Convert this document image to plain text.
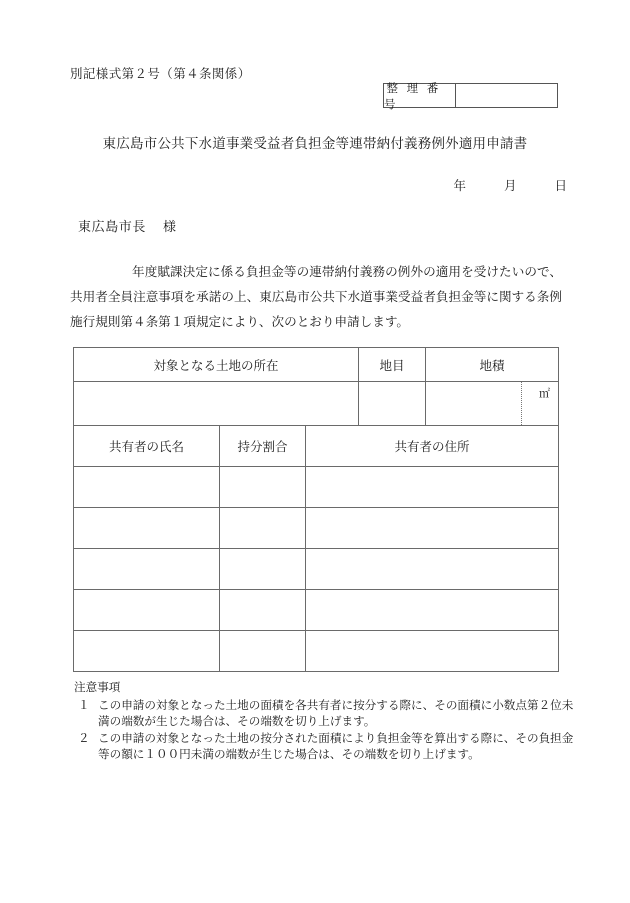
別記様式第２号（第４条関係）
整 理 番 号
東広島市公共下水道事業受益者負担金等連帯納付義務例外適用申請書
年	月	日
東広島市長 様
年度賦課決定に係る負担金等の連帯納付義務の例外の適用を受けたいので、共用者全員注意事項を承諾の上、東広島市公共下水道事業受益者負担金等に関する条例施行規則第４条第１項規定により、次のとおり申請します。
対象となる土地の所在			地目	地積

				㎡

共有者の氏名	持分割合	共有者の住所		

注意事項
１ この申請の対象となった土地の面積を各共有者に按分する際に、その面積に小数点第２位未満の端数が生じた場合は、その端数を切り上げます。
２ この申請の対象となった土地の按分された面積により負担金等を算出する際に、その負担金等の額に１００円未満の端数が生じた場合は、その端数を切り上げます。
